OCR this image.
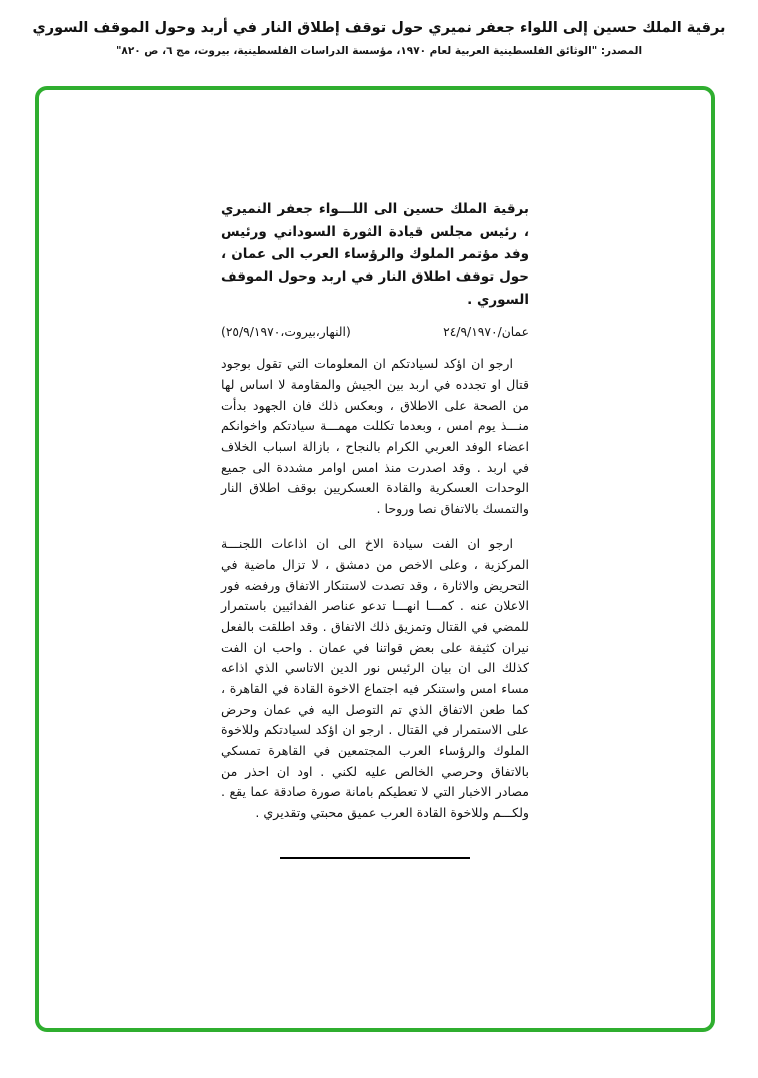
برقية الملك حسين إلى اللواء جعفر نميري حول توقف إطلاق النار في أربد وحول الموقف السوري
المصدر: "الوثائق الفلسطينية العربية لعام ١٩٧٠، مؤسسة الدراسات الفلسطينية، بيروت، مج ٦، ص ٨٢٠"
برقية الملك حسين الى اللـــواء جعفر النميري ، رئيس مجلس قيادة الثورة السوداني ورئيس وفد مؤتمر الملوك والرؤساء العرب الى عمان ، حول توقف اطلاق النار في اربد وحول الموقف السوري .
عمان/٢٤/٩/١٩٧٠
(النهار،بيروت،٢٥/٩/١٩٧٠)
ارجو ان اؤكد لسيادتكم ان المعلومات التي تقول بوجود قتال او تجدده في اربد بين الجيش والمقاومة لا اساس لها من الصحة على الاطلاق ، وبعكس ذلك فان الجهود بدأت منـــذ يوم امس ، وبعدما تكللت مهمـــة سيادتكم واخوانكم اعضاء الوفد العربي الكرام بالنجاح ، بازالة اسباب الخلاف في اربد . وقد اصدرت منذ امس اوامر مشددة الى جميع الوحدات العسكرية والقادة العسكريين بوقف اطلاق النار والتمسك بالاتفاق نصا وروحا .
ارجو ان الفت سيادة الاخ الى ان اذاعات اللجنـــة المركزية ، وعلى الاخص من دمشق ، لا تزال ماضية في التحريض والاثارة ، وقد تصدت لاستنكار الاتفاق ورفضه فور الاعلان عنه . كمـــا انهـــا تدعو عناصر الفدائيين باستمرار للمضي في القتال وتمزيق ذلك الاتفاق . وقد اطلقت بالفعل نيران كثيفة على بعض قواتنا في عمان . واحب ان الفت كذلك الى ان بيان الرئيس نور الدين الاتاسي الذي اذاعه مساء امس واستنكر فيه اجتماع الاخوة القادة في القاهرة ، كما طعن الاتفاق الذي تم التوصل اليه في عمان وحرض على الاستمرار في القتال . ارجو ان اؤكد لسيادتكم وللاخوة الملوك والرؤساء العرب المجتمعين في القاهرة تمسكي بالاتفاق وحرصي الخالص عليه لكني . اود ان احذر من مصادر الاخبار التي لا تعطيكم بامانة صورة صادقة عما يقع . ولكـــم وللاخوة القادة العرب عميق محبتي وتقديري .
